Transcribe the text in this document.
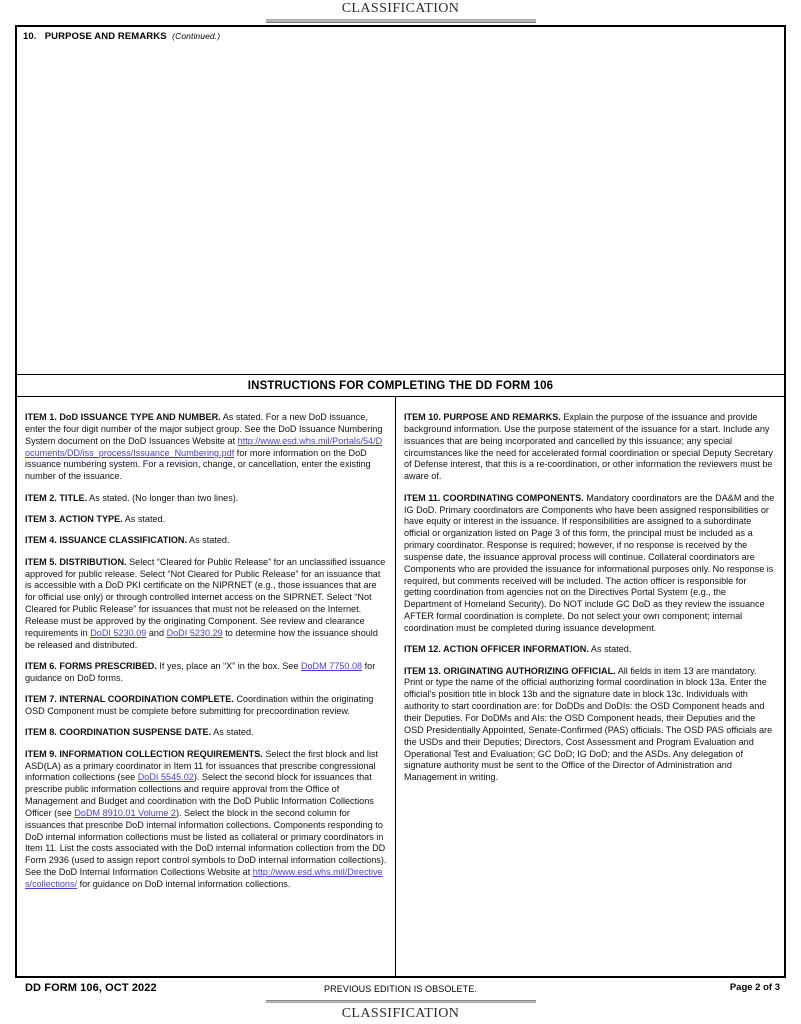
CLASSIFICATION
10. PURPOSE AND REMARKS (Continued.)
INSTRUCTIONS FOR COMPLETING THE DD FORM 106

ITEM 1. DoD ISSUANCE TYPE AND NUMBER. As stated. For a new DoD issuance, enter the four digit number of the major subject group. See the DoD Issuance Numbering System document on the DoD Issuances Website at http://www.esd.whs.mil/Portals/54/Documents/DD/iss_process/Issuance_Numbering.pdf for more information on the DoD issuance numbering system. For a revision, change, or cancellation, enter the existing number of the issuance.

ITEM 2. TITLE. As stated. (No longer than two lines).

ITEM 3. ACTION TYPE. As stated.

ITEM 4. ISSUANCE CLASSIFICATION. As stated.

ITEM 5. DISTRIBUTION. Select “Cleared for Public Release” for an unclassified issuance approved for public release. Select “Not Cleared for Public Release” for an issuance that is accessible with a DoD PKI certificate on the NIPRNET (e.g., those issuances that are for official use only) or through controlled internet access on the SIPRNET. Select “Not Cleared for Public Release” for issuances that must not be released on the Internet. Release must be approved by the originating Component. See review and clearance requirements in DoDI 5230.09 and DoDI 5230.29 to determine how the issuance should be released and distributed.

ITEM 6. FORMS PRESCRIBED. If yes, place an “X” in the box. See DoDM 7750.08 for guidance on DoD forms.

ITEM 7. INTERNAL COORDINATION COMPLETE. Coordination within the originating OSD Component must be complete before submitting for precoordination review.

ITEM 8. COORDINATION SUSPENSE DATE. As stated.

ITEM 9. INFORMATION COLLECTION REQUIREMENTS. Select the first block and list ASD(LA) as a primary coordinator in Item 11 for issuances that prescribe congressional information collections (see DoDI 5545.02). Select the second block for issuances that prescribe public information collections and require approval from the Office of Management and Budget and coordination with the DoD Public Information Collections Officer (see DoDM 8910.01 Volume 2). Select the block in the second column for issuances that prescribe DoD internal information collections. Components responding to DoD internal information collections must be listed as collateral or primary coordinators in Item 11. List the costs associated with the DoD internal information collection from the DD Form 2936 (used to assign report control symbols to DoD internal information collections). See the DoD Internal Information Collections Website at http://www.esd.whs.mil/Directives/collections/ for guidance on DoD internal information collections.

ITEM 10. PURPOSE AND REMARKS. Explain the purpose of the issuance and provide background information. Use the purpose statement of the issuance for a start. Include any issuances that are being incorporated and cancelled by this issuance; any special circumstances like the need for accelerated formal coordination or special Deputy Secretary of Defense interest, that this is a re-coordination, or other information the reviewers must be aware of.

ITEM 11. COORDINATING COMPONENTS. Mandatory coordinators are the DA&M and the IG DoD. Primary coordinators are Components who have been assigned responsibilities or have equity or interest in the issuance. If responsibilities are assigned to a subordinate official or organization listed on Page 3 of this form, the principal must be included as a primary coordinator. Response is required; however, if no response is received by the suspense date, the issuance approval process will continue. Collateral coordinators are Components who are provided the issuance for informational purposes only. No response is required, but comments received will be included. The action officer is responsible for getting coordination from agencies not on the Directives Portal System (e.g., the Department of Homeland Security). Do NOT include GC DoD as they review the issuance AFTER formal coordination is complete. Do not select your own component; internal coordination must be completed during issuance development.

ITEM 12. ACTION OFFICER INFORMATION. As stated.

ITEM 13. ORIGINATING AUTHORIZING OFFICIAL. All fields in item 13 are mandatory. Print or type the name of the official authorizing formal coordination in block 13a. Enter the official's position title in block 13b and the signature date in block 13c. Individuals with authority to start coordination are: for DoDDs and DoDIs: the OSD Component heads and their Deputies. For DoDMs and AIs: the OSD Component heads, their Deputies and the OSD Presidentially Appointed, Senate-Confirmed (PAS) officials. The OSD PAS officials are the USDs and their Deputies; Directors, Cost Assessment and Program Evaluation and Operational Test and Evaluation; GC DoD; IG DoD; and the ASDs. Any delegation of signature authority must be sent to the Office of the Director of Administration and Management in writing.

DD FORM 106, OCT 2022	PREVIOUS EDITION IS OBSOLETE.	Page 2 of 3
CLASSIFICATION
